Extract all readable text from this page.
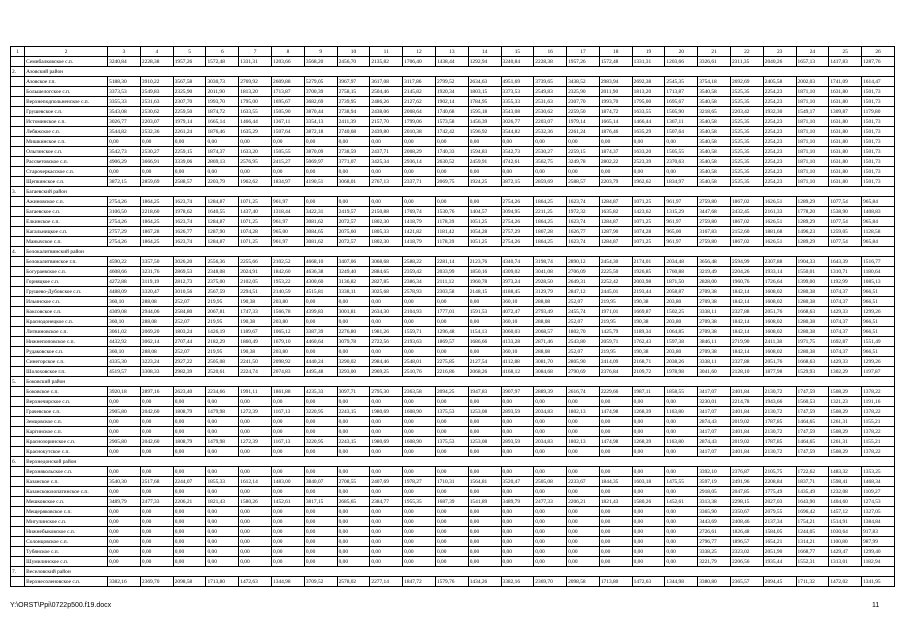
1	2	3	4	5	6	7	8	9	10	11	12	13	14	15	16	17	18	19	20	21	22	23	24	25	26
	Семибалковское с.п.	3240,84	2228,38	1957,26	1572,48	1331,31	1203,66	3568,20	2456,70	2135,82	1706,40	1438,44	1292,94	3240,84	2228,38	1957,26	1572,48	1331,31	1203,66	3326,61	2311,35	2040,26	1657,13	1417,83	1287,76
2.	Азовский район																								
	Азовское г.п.	5188,30	3910,22	3567,58	3030,73	2769,92	2609,88	5279,05	3967,97	3617,08	3117,86	2799,52	2634,63	4951,69	3739,65	3438,52	2983,94	2692,38	2545,35	3754,18	2692,69	2405,58	2002,03	1741,09	1614,47
	Большелогское с.п.	3373,53	2549,83	2325,90	2011,90	1813,20	1713,87	3700,39	2758,15	2504,46	2145,82	1920,34	1803,15	3373,53	2549,83	2325,90	2011,90	1813,20	1713,87	3540,58	2525,35	2254,23	1871,10	1631,80	1501,73
	Верхнеподпольненское с.п.	3355,33	2531,63	2307,70	1993,70	1795,00	1695,67	3682,69	2739,95	2486,26	2127,62	1902,14	1784,95	3355,33	2531,63	2307,70	1993,70	1795,00	1695,67	3540,58	2525,35	2254,23	1871,10	1631,80	1501,73
	Грушевское с.п.	3543,08	2530,62	2259,50	1874,72	1633,55	1505,90	3870,44	2738,94	2438,06	2008,64	1740,68	1595,18	3543,08	2530,62	2259,50	1874,72	1633,55	1505,90	3218,65	2203,42	1932,30	1549,17	1309,87	1179,80
	Истоминское с.п.	3026,77	2203,07	1979,14	1665,14	1466,44	1367,11	3354,13	2411,39	2157,70	1799,06	1573,58	1456,39	3026,77	2203,07	1979,14	1665,14	1466,44	1367,11	3540,58	2525,35	2254,23	1871,10	1631,80	1501,73
	Лебяжское с.п.	3544,82	2532,36	2261,24	1876,46	1635,29	1507,64	3872,18	2740,68	2439,80	2010,38	1742,42	1596,92	3544,82	2532,36	2261,24	1876,46	1635,29	1507,64	3540,58	2525,35	2254,23	1871,10	1631,80	1501,73
	Мишкинское с.п.	0,00	0,00	0,00	0,00	0,00	0,00	0,00	0,00	0,00	0,00	0,00	0,00	0,00	0,00	0,00	0,00	0,00	0,00	3540,58	2525,35	2254,23	1871,10	1631,80	1501,73
	Ольгинское с.п.	3542,73	2530,27	2259,15	1874,37	1633,20	1505,55	3870,09	2738,59	2437,71	2008,29	1740,33	1594,83	3542,73	2530,27	2259,15	1874,37	1633,20	1505,55	3540,58	2525,35	2254,23	1871,10	1631,80	1501,73
	Рассветовское с.п.	4906,29	3666,91	3339,06	2869,13	2576,95	2415,27	5069,97	3771,07	3425,34	2936,14	2630,52	2459,91	4742,61	3562,75	3249,78	2802,22	2523,39	2370,63	3540,58	2525,35	2254,23	1871,10	1631,80	1501,73
	Стаpочеркасское с.п.	0,00	0,00	0,00	0,00	0,00	0,00	0,00	0,00	0,00	0,00	0,00	0,00	0,00	0,00	0,00	0,00	0,00	0,00	3540,58	2525,35	2254,23	1871,10	1631,80	1501,73
	Щепкинское с.п.	3872,15	2859,69	2588,57	2203,79	1962,62	1834,97	4190,51	3068,01	2767,13	2337,71	2069,75	1924,25	3872,15	2859,69	2588,57	2203,79	1962,62	1834,97	3540,58	2525,35	2254,23	1871,10	1631,80	1501,73
3.	Багаевский район																								
	Ажиновское с.п.	2754,26	1864,25	1623,74	1284,87	1071,25	961,97	0,00	0,00	0,00	0,00	0,00	0,00	2754,26	1864,25	1623,74	1284,87	1071,25	961,97	2759,80	1867,02	1626,51	1289,29	1077,54	965,84
	Багаевское с.п.	3106,50	2218,60	1978,62	1640,55	1437,40	1318,44	3422,31	2419,57	2150,88	1769,74	1530,76	1404,57	3094,95	2211,25	1972,32	1635,82	1423,62	1315,29	3447,68	2432,45	2161,33	1778,20	1538,90	1408,83
	Елкинское с.п.	2754,26	1864,25	1623,74	1284,87	1071,25	961,97	3081,62	2072,57	1802,30	1418,79	1178,39	1051,25	2754,26	1864,25	1623,74	1284,87	1071,25	961,97	2759,80	1867,02	1626,51	1289,29	1077,54	965,84
	Кагальницкое с.п.	2757,29	1867,28	1626,77	1287,90	1074,28	965,00	3084,65	2075,60	1805,33	1421,82	1181,42	1054,28	2757,29	1867,28	1626,77	1287,90	1074,28	965,00	3167,83	2152,60	1881,68	1496,23	1259,05	1128,58
	Манычское с.п.	2754,26	1864,25	1623,74	1284,87	1071,25	961,97	3081,62	2072,57	1802,30	1418,79	1178,39	1051,25	2754,26	1864,25	1623,74	1284,87	1071,25	961,97	2759,80	1867,02	1626,51	1289,29	1077,54	965,84
4.	Белокалитвинский район																								
	Белокалитвинское г.п.	4590,22	3357,50	3026,20	2556,36	2255,66	2102,52	4668,10	3407,06	3068,68	2588,22	2281,14	2123,76	4340,74	3198,74	2890,12	2454,30	2174,01	2034,48	3656,48	2594,99	2307,88	1904,33	1643,39	1516,77
	Богураевское с.п.	4608,66	3231,76	2869,53	2348,08	2024,91	1842,60	4636,38	3249,40	2884,65	2359,42	2033,99	1850,16	4309,02	3041,08	2706,09	2225,50	1926,85	1760,88	3219,49	2204,26	1933,14	1550,01	1310,71	1180,64
	Горняцкое с.п.	4272,88	3119,19	2812,73	2375,00	2102,05	1953,22	4300,60	3136,82	2827,85	2386,34	2111,12	1960,78	3973,24	2928,50	2649,31	2252,42	2003,98	1871,50	2828,00	1960,76	1726,64	1399,00	1192,99	1085,13
	Грушево-Дубовское с.п.	4488,09	3320,47	3010,56	2567,59	2294,51	2140,59	4515,81	3338,11	3025,68	2578,93	2303,58	2148,15	4188,45	3129,79	2847,12	2445,01	2193,44	2058,87	2709,38	1842,14	1608,02	1280,38	1074,37	966,51
	Ильинское с.п.	360,10	288,08	252,07	219,95	190,38	203,80	0,00	0,00	0,00	0,00	0,00	0,00	360,10	288,08	252,07	219,95	190,38	203,80	2709,38	1842,14	1608,02	1280,38	1074,37	966,51
	Коксовское с.п.	4309,08	2944,06	2584,80	2067,81	1747,33	1566,78	4399,83	3001,81	2634,30	2104,93	1777,01	1591,53	4072,47	2793,49	2455,74	1971,01	1669,87	1502,25	3338,11	2327,88	2051,76	1668,63	1429,33	1299,26
	Краснодонецкое с.п.	360,10	288,08	252,07	219,95	190,38	203,80	0,00	0,00	0,00	0,00	0,00	0,00	360,10	288,08	252,07	219,95	190,38	203,80	2709,38	1842,14	1608,02	1280,38	1074,37	966,51
	Литвиновское с.п.	3061,02	2069,20	1803,24	1426,19	1189,67	1065,12	3387,39	2276,80	1981,26	1559,71	1296,48	1154,13	3060,03	2068,57	1802,70	1425,79	1189,34	1064,85	2709,38	1842,14	1608,02	1280,38	1074,37	966,51
	Нижнепоповское с.п.	4432,92	3062,14	2707,44	2182,29	1860,49	1679,10	4460,64	3079,78	2722,56	2193,63	1869,57	1686,66	4133,28	2871,46	2543,80	2059,71	1762,43	1597,38	3846,11	2719,90	2411,38	1971,75	1692,87	1551,49
	Рудаковское с.п.	360,10	288,08	252,07	219,95	190,38	203,80	0,00	0,00	0,00	0,00	0,00	0,00	360,10	288,08	252,07	219,95	190,38	203,80	2709,38	1842,14	1608,02	1280,38	1074,37	966,51
	Синегорское с.п.	4335,30	3223,24	2927,22	2505,08	2241,50	2098,92	4440,24	3290,02	2984,46	2548,01	2275,85	2127,54	4112,88	3081,70	2805,90	2414,09	2168,71	2038,26	3338,11	2327,88	2051,76	1668,63	1429,33	1299,26
	Шолоховское г.п.	4519,57	3308,33	2982,39	2520,61	2224,74	2074,83	4495,48	3293,00	2969,25	2510,76	2216,86	2068,26	4168,12	3084,68	2790,69	2376,84	2109,72	1978,98	3041,60	2128,10	1877,98	1529,93	1302,29	1197,87
5.	Боковский район																								
	Боковское с.п.	3920,18	2897,16	2623,40	2234,66	1991,11	1861,88	4235,33	3097,71	2795,30	2363,58	2094,25	1947,83	3907,97	2889,39	2616,74	2229,66	1987,11	1858,55	3417,07	2401,84	2130,72	1747,59	1508,29	1378,22
	Верхнечирское с.п.	0,00	0,00	0,00	0,00	0,00	0,00	0,00	0,00	0,00	0,00	0,00	0,00	0,00	0,00	0,00	0,00	0,00	0,00	3230,01	2214,78	1943,66	1560,53	1321,23	1191,16
	Грачевское с.п.	2905,80	2042,60	1808,79	1479,98	1272,39	1167,13	3220,95	2243,15	1980,69	1608,90	1375,53	1253,08	2893,59	2034,83	1802,13	1474,98	1268,39	1163,80	3417,07	2401,84	2130,72	1747,59	1508,29	1378,22
	Земцовское с.п.	0,00	0,00	0,00	0,00	0,00	0,00	0,00	0,00	0,00	0,00	0,00	0,00	0,00	0,00	0,00	0,00	0,00	0,00	2874,43	2019,02	1787,85	1464,65	1261,31	1155,21
	Каргинское с.п.	0,00	0,00	0,00	0,00	0,00	0,00	0,00	0,00	0,00	0,00	0,00	0,00	0,00	0,00	0,00	0,00	0,00	0,00	3417,07	2401,84	2130,72	1747,59	1508,29	1378,22
	Краснозоринское с.п.	2905,80	2042,60	1808,79	1479,98	1272,39	1167,13	3220,95	2243,15	1980,69	1608,90	1375,53	1253,08	2893,59	2034,83	1802,13	1474,98	1268,39	1163,80	2874,43	2019,02	1787,85	1464,65	1261,31	1155,21
	Краснокутское с.п.	0,00	0,00	0,00	0,00	0,00	0,00	0,00	0,00	0,00	0,00	0,00	0,00	0,00	0,00	0,00	0,00	0,00	0,00	3417,07	2401,84	2130,72	1747,59	1508,29	1378,22
6.	Верхнедонской район																								
	Верхнякольское с.п.	0,00	0,00	0,00	0,00	0,00	0,00	0,00	0,00	0,00	0,00	0,00	0,00	0,00	0,00	0,00	0,00	0,00	0,00	3392,10	2376,87	2105,75	1722,62	1483,32	1353,25
	Казанское с.п.	3540,30	2517,68	2244,07	1855,33	1612,14	1483,00	3840,07	2708,55	2407,69	1978,27	1710,31	1564,81	3520,47	2505,08	2233,67	1844,35	1603,18	1475,55	3597,19	2491,96	2208,84	1837,71	1598,41	1468,34
	Казанскоюлопатинское с.п.	0,00	0,00	0,00	0,00	0,00	0,00	0,00	0,00	0,00	0,00	0,00	0,00	0,00	0,00	0,00	0,00	0,00	0,00	2918,05	2047,85	1775,49	1435,49	1232,08	1109,27
	Мешковское с.п.	3489,79	2477,33	2206,21	1821,43	1580,26	1452,61	3817,15	2685,65	2384,77	1955,35	1687,39	1541,89	3489,79	2477,33	2206,21	1821,43	1580,26	1452,61	3313,38	2298,15	2027,03	1643,90	1404,60	1274,53
	Мещеряковское с.п.	0,00	0,00	0,00	0,00	0,00	0,00	0,00	0,00	0,00	0,00	0,00	0,00	0,00	0,00	0,00	0,00	0,00	0,00	3365,90	2350,67	2079,55	1696,42	1457,12	1327,05
	Мигулинское с.п.	0,00	0,00	0,00	0,00	0,00	0,00	0,00	0,00	0,00	0,00	0,00	0,00	0,00	0,00	0,00	0,00	0,00	0,00	3443,69	2408,46	2137,34	1754,21	1514,91	1384,84
	Нижнебыковское с.п.	0,00	0,00	0,00	0,00	0,00	0,00	0,00	0,00	0,00	0,00	0,00	0,00	0,00	0,00	0,00	0,00	0,00	0,00	2726,61	1826,48	1584,05	1244,05	1030,64	917,83
	Солонцовское с.п.	0,00	0,00	0,00	0,00	0,00	0,00	0,00	0,00	0,00	0,00	0,00	0,00	0,00	0,00	0,00	0,00	0,00	0,00	2796,77	1896,57	1654,21	1314,21	1100,80	987,99
	Тубянское с.п.	0,00	0,00	0,00	0,00	0,00	0,00	0,00	0,00	0,00	0,00	0,00	0,00	0,00	0,00	0,00	0,00	0,00	0,00	3338,25	2323,02	2051,90	1668,77	1429,47	1299,40
	Шумилинское с.п.	0,00	0,00	0,00	0,00	0,00	0,00	0,00	0,00	0,00	0,00	0,00	0,00	0,00	0,00	0,00	0,00	0,00	0,00	3221,79	2206,56	1935,44	1552,31	1313,01	1182,94
7.	Веселовский район																								
	Верхнесоленовское с.п.	3382,16	2369,70	2098,58	1713,80	1472,63	1344,98	3709,52	2578,02	2277,14	1847,72	1579,76	1434,26	3382,16	2369,70	2098,58	1713,80	1472,63	1344,98	3380,80	2365,57	2094,45	1711,32	1472,02	1341,95
Y:\ORST\Ppi\0722p500.f19.docx	11
